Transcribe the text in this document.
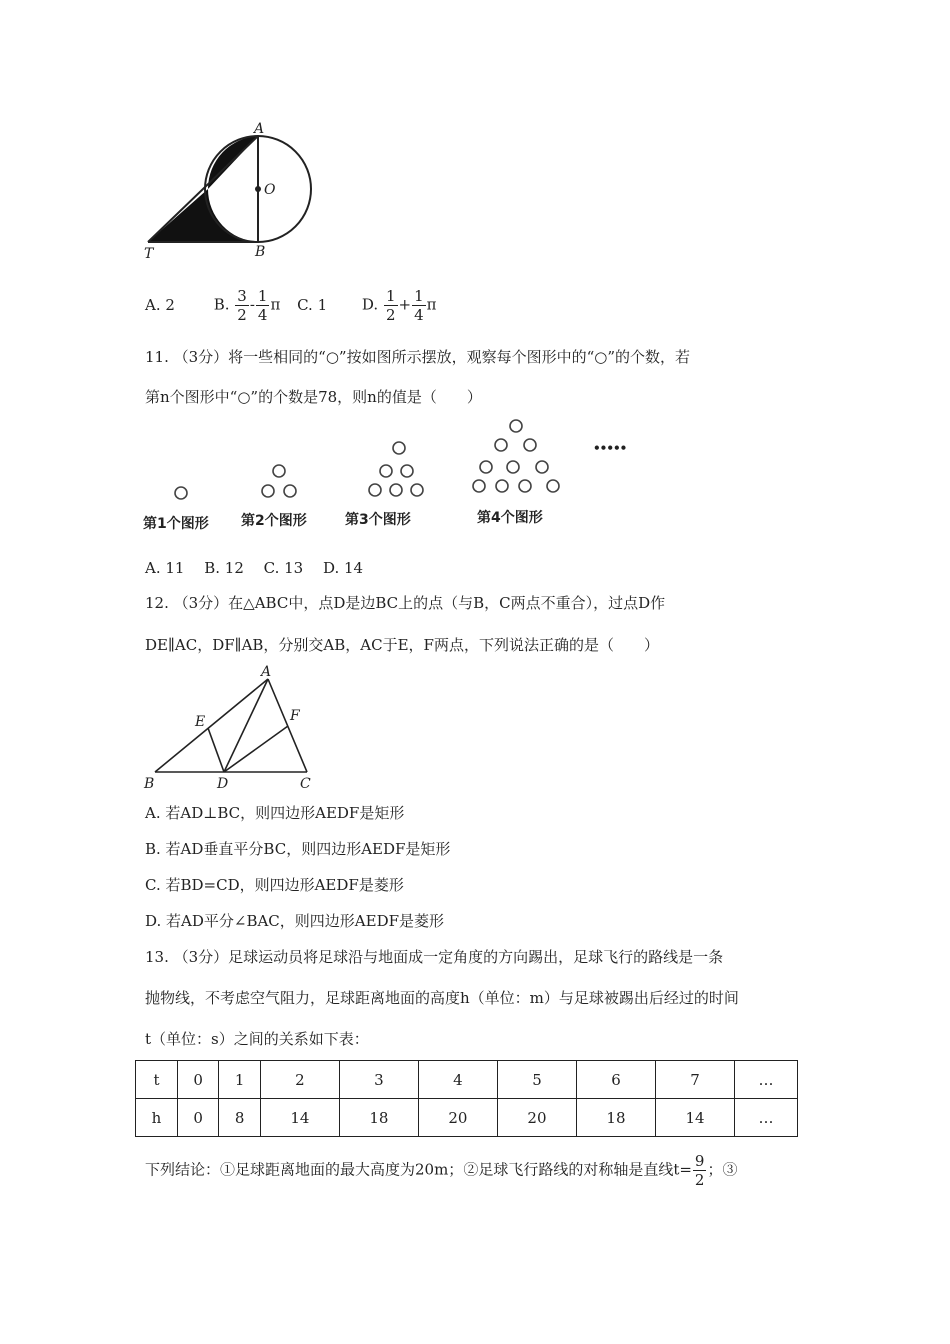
A
O
T	B
A. 2	B. $\frac{3}{2} - \frac{1}{4}$ π C. 1 D. $\frac{1}{2} + \frac{1}{4}$ π
11. （3分）将一些相同的“○”按如图所示摆放，观察每个图形中的“○”的个数，若
第n个图形中“○”的个数是78，则n的值是（　　）
•••••
第1个图形 第2个图形	第3个图形	第4个图形
A. 11　 B. 12　 C. 13　 D. 14
12. （3分）在△ABC中，点D是边BC上的点（与B，C两点不重合），过点D作
DE∥AC，DF∥AB，分别交AB，AC于E，F两点，下列说法正确的是（　　）
A
E	F
B	D	C
A. 若AD⊥BC，则四边形AEDF是矩形
B. 若AD垂直平分BC，则四边形AEDF是矩形
C. 若BD=CD，则四边形AEDF是菱形
D. 若AD平分∠BAC，则四边形AEDF是菱形
13. （3分）足球运动员将足球沿与地面成一定角度的方向踢出，足球飞行的路线是一条
抛物线，不考虑空气阻力，足球距离地面的高度h（单位：m）与足球被踢出后经过的时间
t（单位：s）之间的关系如下表：
t	0	1	2	3	4	5	6	7	…
h	0	8	14	18	20	20	18	14	…
下列结论：①足球距离地面的最大高度为20m；②足球飞行路线的对称轴是直线$t= \frac{9}{2}$ ；③
